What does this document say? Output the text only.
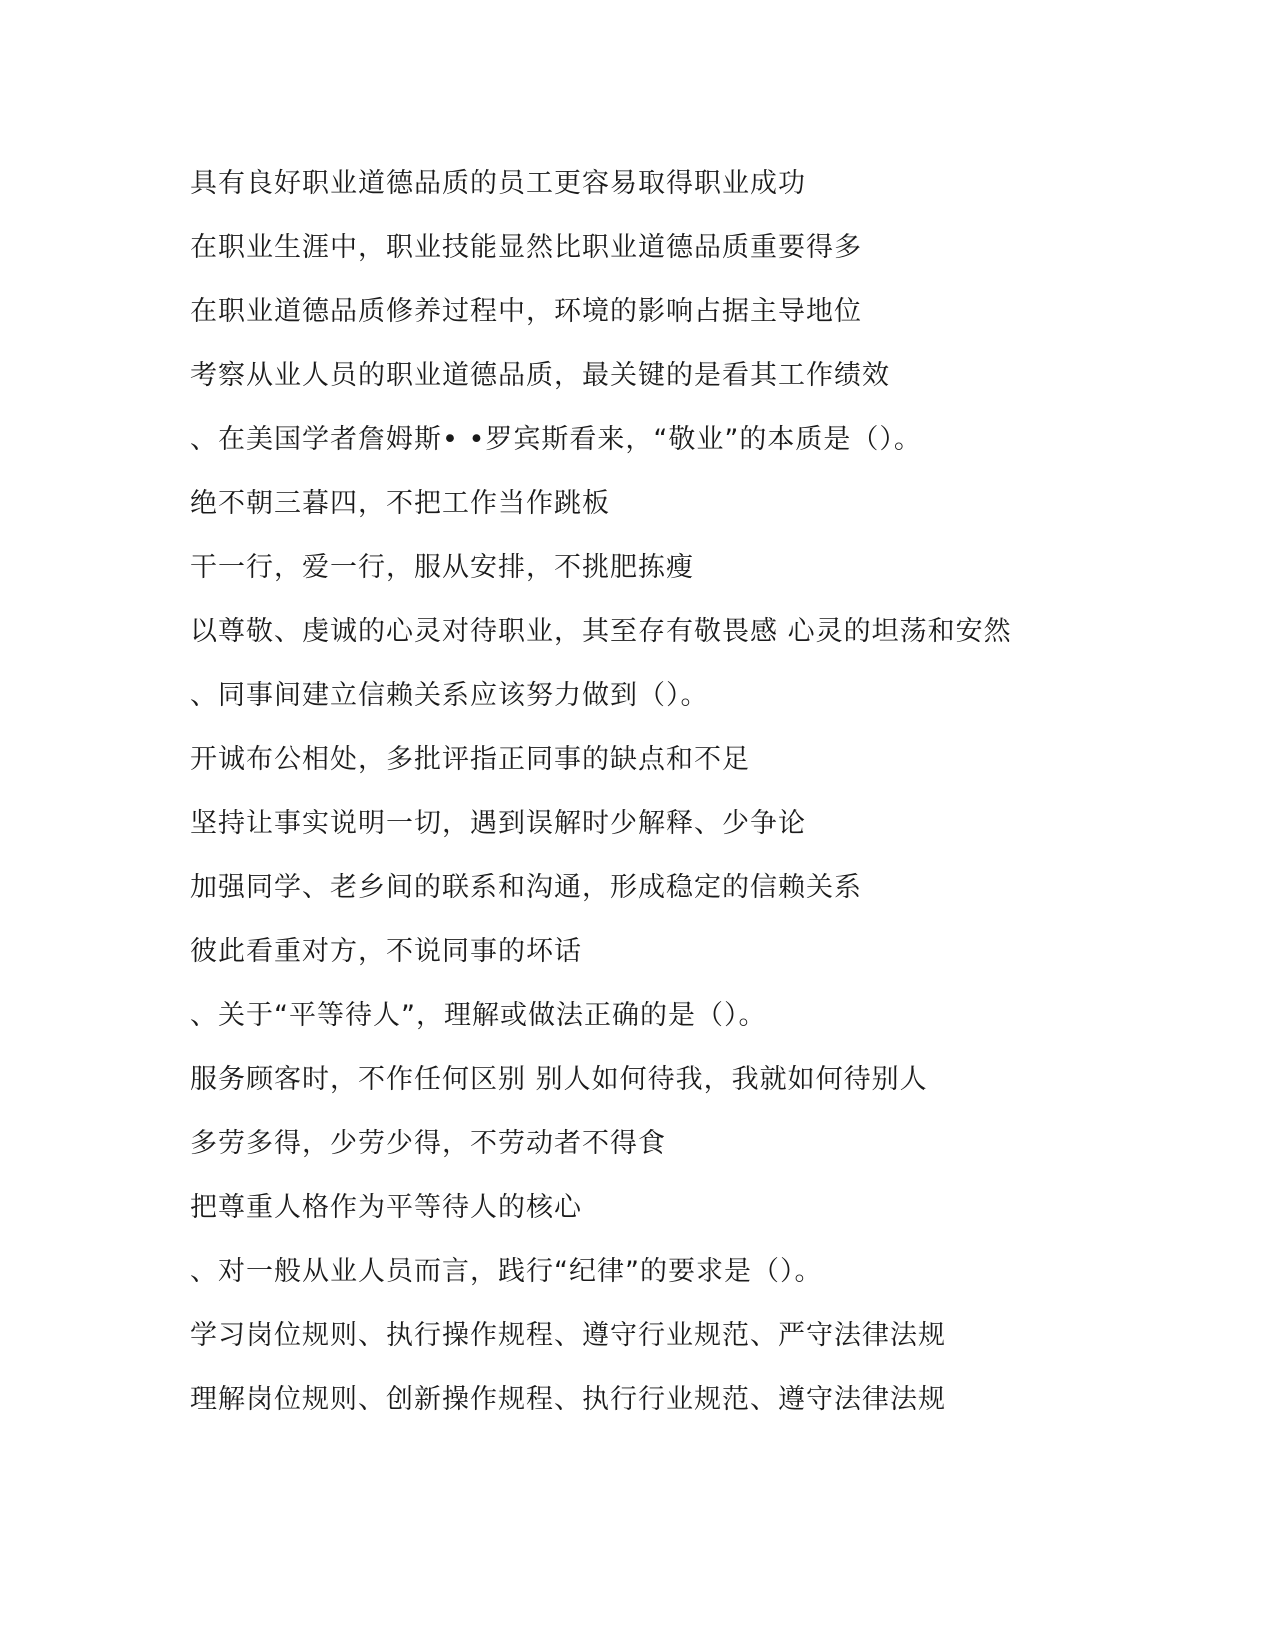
具有良好职业道德品质的员工更容易取得职业成功
在职业生涯中，职业技能显然比职业道德品质重要得多
在职业道德品质修养过程中，环境的影响占据主导地位
考察从业人员的职业道德品质，最关键的是看其工作绩效
、在美国学者詹姆斯• •罗宾斯看来，“敬业”的本质是（）。
绝不朝三暮四，不把工作当作跳板
干一行，爱一行，服从安排，不挑肥拣瘦
以尊敬、虔诚的心灵对待职业，其至存有敬畏感 心灵的坦荡和安然
、同事间建立信赖关系应该努力做到（）。
开诚布公相处，多批评指正同事的缺点和不足
坚持让事实说明一切，遇到误解时少解释、少争论
加强同学、老乡间的联系和沟通，形成稳定的信赖关系
彼此看重对方，不说同事的坏话
、关于“平等待人”，理解或做法正确的是（）。
服务顾客时，不作任何区别 别人如何待我，我就如何待别人
多劳多得，少劳少得，不劳动者不得食
把尊重人格作为平等待人的核心
、对一般从业人员而言，践行“纪律”的要求是（）。
学习岗位规则、执行操作规程、遵守行业规范、严守法律法规
理解岗位规则、创新操作规程、执行行业规范、遵守法律法规
